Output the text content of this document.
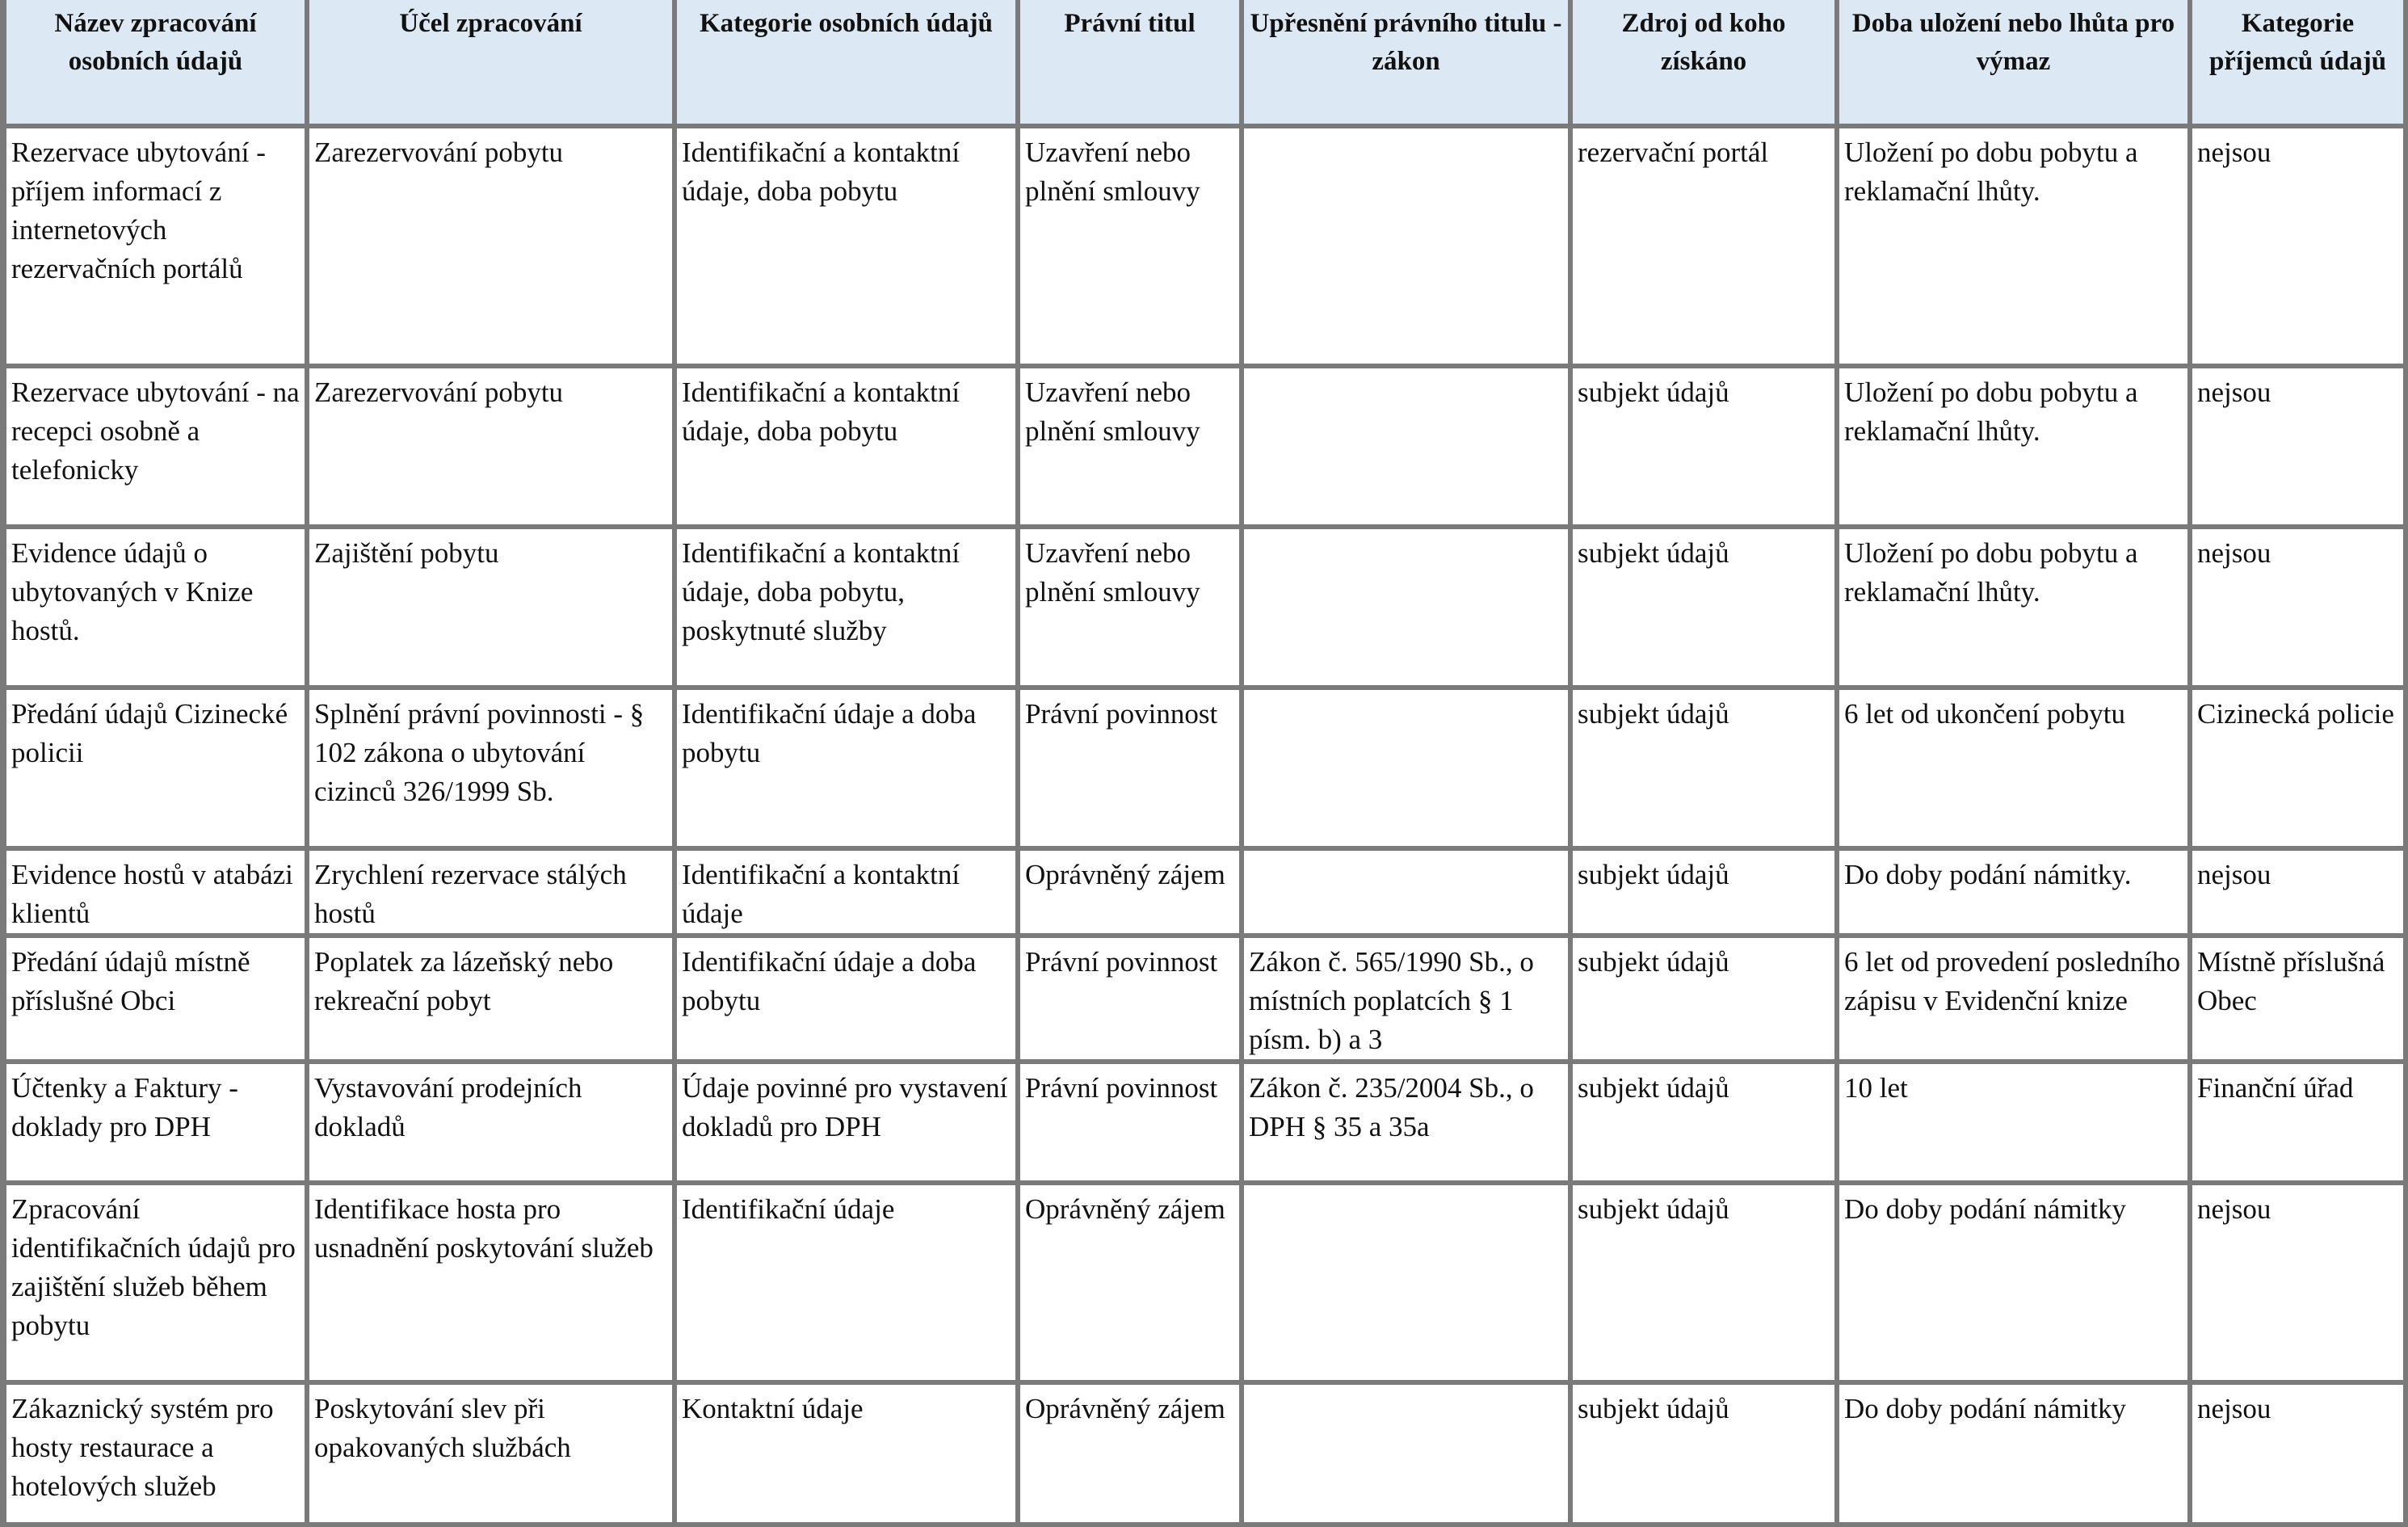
Název zpracování osobních údajů	Účel zpracování	Kategorie osobních údajů	Právní titul	Upřesnění právního titulu - zákon	Zdroj od koho získáno	Doba uložení nebo lhůta pro výmaz	Kategorie příjemců údajů
Rezervace ubytování - příjem informací z internetových rezervačních portálů	Zarezervování pobytu	Identifikační a kontaktní údaje, doba pobytu	Uzavření nebo plnění smlouvy		rezervační portál	Uložení po dobu pobytu a reklamační lhůty.	nejsou
Rezervace ubytování - na recepci osobně a telefonicky	Zarezervování pobytu	Identifikační a kontaktní údaje, doba pobytu	Uzavření nebo plnění smlouvy		subjekt údajů	Uložení po dobu pobytu a reklamační lhůty.	nejsou
Evidence údajů o ubytovaných v Knize hostů.	Zajištění pobytu	Identifikační a kontaktní údaje, doba pobytu, poskytnuté služby	Uzavření nebo plnění smlouvy		subjekt údajů	Uložení po dobu pobytu a reklamační lhůty.	nejsou
Předání údajů Cizinecké policii	Splnění právní povinnosti - § 102 zákona o ubytování cizinců 326/1999 Sb.	Identifikační údaje a doba pobytu	Právní povinnost		subjekt údajů	6 let od ukončení pobytu	Cizinecká policie
Evidence hostů v atabázi klientů	Zrychlení rezervace stálých hostů	Identifikační a kontaktní údaje	Oprávněný zájem		subjekt údajů	Do doby podání námitky.	nejsou
Předání údajů místně příslušné Obci	Poplatek za lázeňský nebo rekreační pobyt	Identifikační údaje a doba pobytu	Právní povinnost	Zákon č. 565/1990 Sb., o místních poplatcích § 1 písm. b) a 3	subjekt údajů	6 let od provedení posledního zápisu v Evidenční knize	Místně příslušná Obec
Účtenky a Faktury - doklady pro DPH	Vystavování prodejních dokladů	Údaje povinné pro vystavení dokladů pro DPH	Právní povinnost	Zákon č. 235/2004 Sb., o DPH § 35 a 35a	subjekt údajů	10 let	Finanční úřad
Zpracování identifikačních údajů pro zajištění služeb během pobytu	Identifikace hosta pro usnadnění poskytování služeb	Identifikační údaje	Oprávněný zájem		subjekt údajů	Do doby podání námitky	nejsou
Zákaznický systém pro hosty restaurace a hotelových služeb	Poskytování slev při opakovaných službách	Kontaktní údaje	Oprávněný zájem		subjekt údajů	Do doby podání námitky	nejsou
